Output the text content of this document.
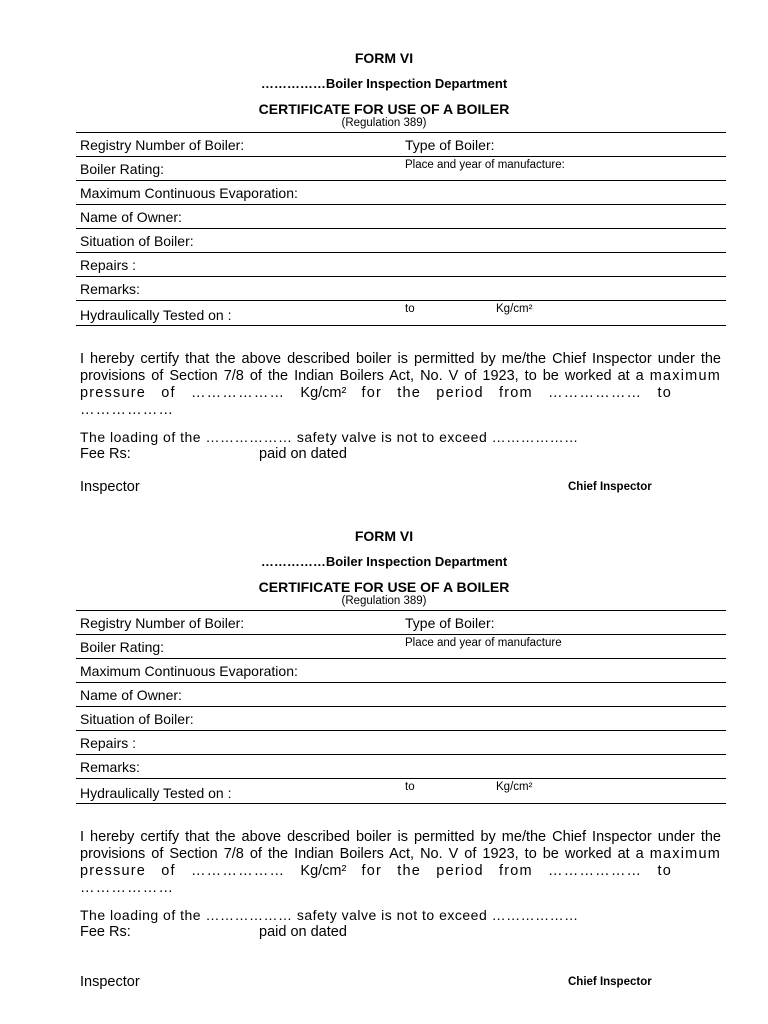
FORM VI
……………Boiler Inspection Department
CERTIFICATE FOR USE OF A BOILER
(Regulation 389)
Registry Number of Boiler:	Type of Boiler:
Boiler Rating:	Place and year of manufacture:
Maximum Continuous Evaporation:
Name of Owner:
Situation of Boiler:
Repairs :
Remarks:
Hydraulically Tested on :	to	Kg/cm²
I hereby certify that the above described boiler is permitted by me/the Chief Inspector under the provisions of Section 7/8 of the Indian Boilers Act, No. V of 1923, to be worked at a maximum pressure of ……………… Kg/cm² for the period from ……………… to
………………
The loading of the ……………… safety valve is not to exceed ………………
Fee Rs:	paid on dated
Inspector	Chief Inspector
FORM VI
……………Boiler Inspection Department
CERTIFICATE FOR USE OF A BOILER
(Regulation 389)
Registry Number of Boiler:	Type of Boiler:
Boiler Rating:	Place and year of manufacture
Maximum Continuous Evaporation:
Name of Owner:
Situation of Boiler:
Repairs :
Remarks:
Hydraulically Tested on :	to	Kg/cm²
I hereby certify that the above described boiler is permitted by me/the Chief Inspector under the provisions of Section 7/8 of the Indian Boilers Act, No. V of 1923, to be worked at a maximum pressure of ……………… Kg/cm² for the period from ……………… to
………………
The loading of the ……………… safety valve is not to exceed ………………
Fee Rs:	paid on dated
Inspector	Chief Inspector
